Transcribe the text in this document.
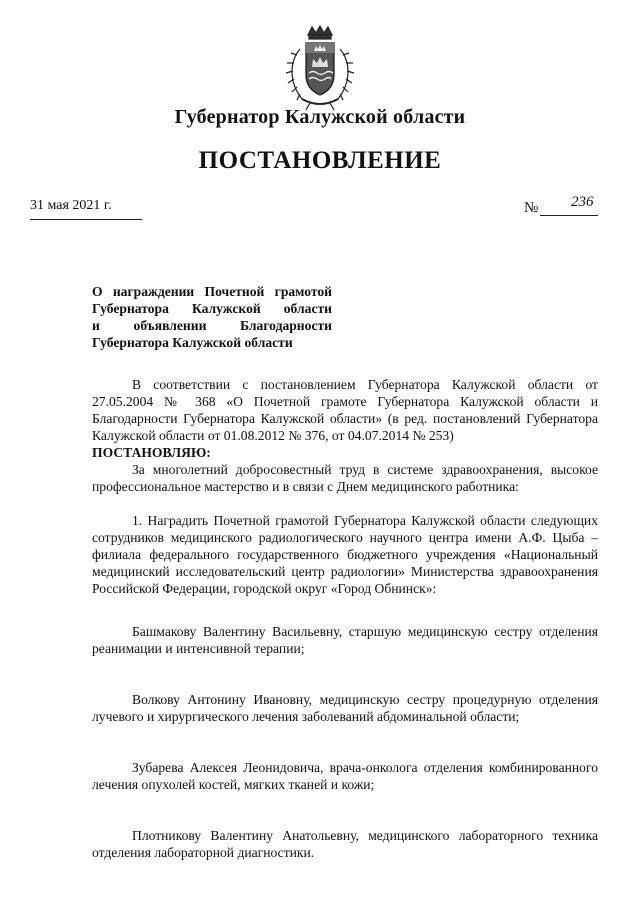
Губернатор Калужской области
ПОСТАНОВЛЕНИЕ
31 мая 2021 г.	№ 236
О награждении Почетной грамотой
Губернатора Калужской области
и объявлении Благодарности
Губернатора Калужской области

В соответствии с постановлением Губернатора Калужской области от 27.05.2004 № 368 «О Почетной грамоте Губернатора Калужской области и Благодарности Губернатора Калужской области» (в ред. постановлений Губернатора Калужской области от 01.08.2012 № 376, от 04.07.2014 № 253)

ПОСТАНОВЛЯЮ:

За многолетний добросовестный труд в системе здравоохранения, высокое профессиональное мастерство и в связи с Днем медицинского работника:

1. Наградить Почетной грамотой Губернатора Калужской области следующих сотрудников медицинского радиологического научного центра имени А.Ф. Цыба – филиала федерального государственного бюджетного учреждения «Национальный медицинский исследовательский центр радиологии» Министерства здравоохранения Российской Федерации, городской округ «Город Обнинск»:

Башмакову Валентину Васильевну, старшую медицинскую сестру отделения реанимации и интенсивной терапии;

Волкову Антонину Ивановну, медицинскую сестру процедурную отделения лучевого и хирургического лечения заболеваний абдоминальной области;

Зубарева Алексея Леонидовича, врача-онколога отделения комбинированного лечения опухолей костей, мягких тканей и кожи;

Плотникову Валентину Анатольевну, медицинского лабораторного техника отделения лабораторной диагностики.
